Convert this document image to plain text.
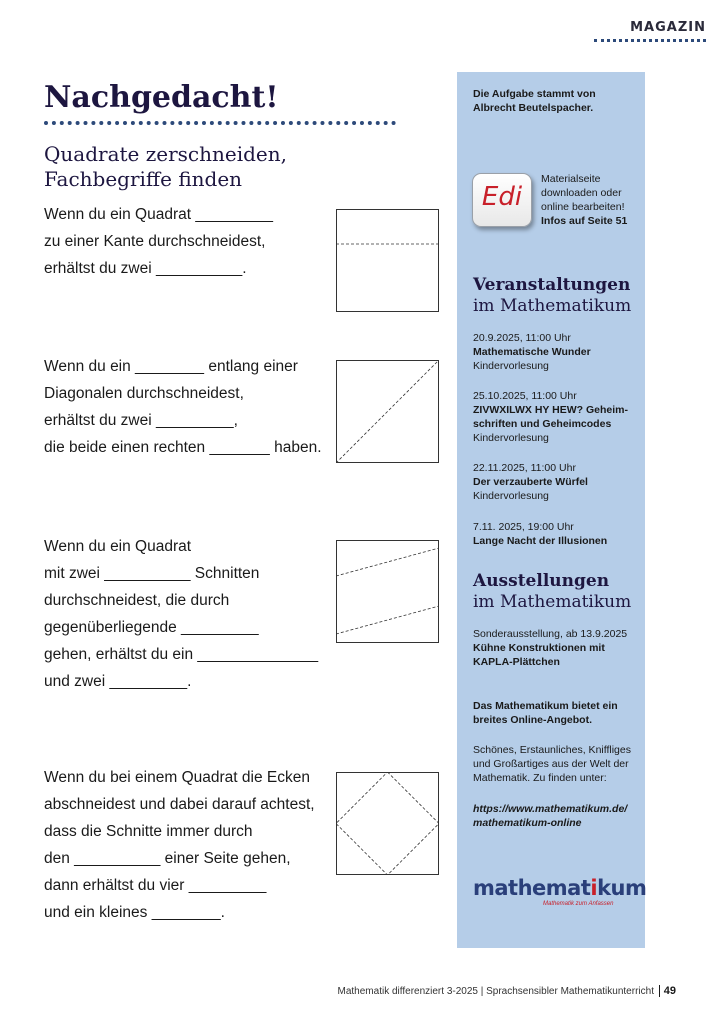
MAGAZIN
Nachgedacht!
Quadrate zerschneiden,
Fachbegriffe finden
Wenn du ein Quadrat _________
zu einer Kante durchschneidest,
erhältst du zwei __________.
Wenn du ein ________ entlang einer
Diagonalen durchschneidest,
erhältst du zwei _________,
die beide einen rechten _______ haben.
Wenn du ein Quadrat
mit zwei __________ Schnitten
durchschneidest, die durch
gegenüberliegende _________
gehen, erhältst du ein ______________
und zwei _________.
Wenn du bei einem Quadrat die Ecken
abschneidest und dabei darauf achtest,
dass die Schnitte immer durch
den __________ einer Seite gehen,
dann erhältst du vier _________
und ein kleines ________.
Die Aufgabe stammt von
Albrecht Beutelspacher.
Edi
Materialseite
downloaden oder
online bearbeiten!
Infos auf Seite 51
Veranstaltungen
im Mathematikum
20.9.2025, 11:00 Uhr
Mathematische Wunder
Kindervorlesung
25.10.2025, 11:00 Uhr
ZIVWXILWX HY HEW? Geheim-
schriften und Geheimcodes
Kindervorlesung
22.11.2025, 11:00 Uhr
Der verzauberte Würfel
Kindervorlesung
7.11. 2025, 19:00 Uhr
Lange Nacht der Illusionen
Ausstellungen
im Mathematikum
Sonderausstellung, ab 13.9.2025
Kühne Konstruktionen mit
KAPLA-Plättchen
Das Mathematikum bietet ein
breites Online-Angebot.
Schönes, Erstaunliches, Kniffliges
und Großartiges aus der Welt der
Mathematik. Zu finden unter:
https://www.mathematikum.de/
mathematikum-online
mathematikum
Mathematik zum Anfassen
Mathematik differenziert 3-2025 | Sprachsensibler Mathematikunterricht 49
